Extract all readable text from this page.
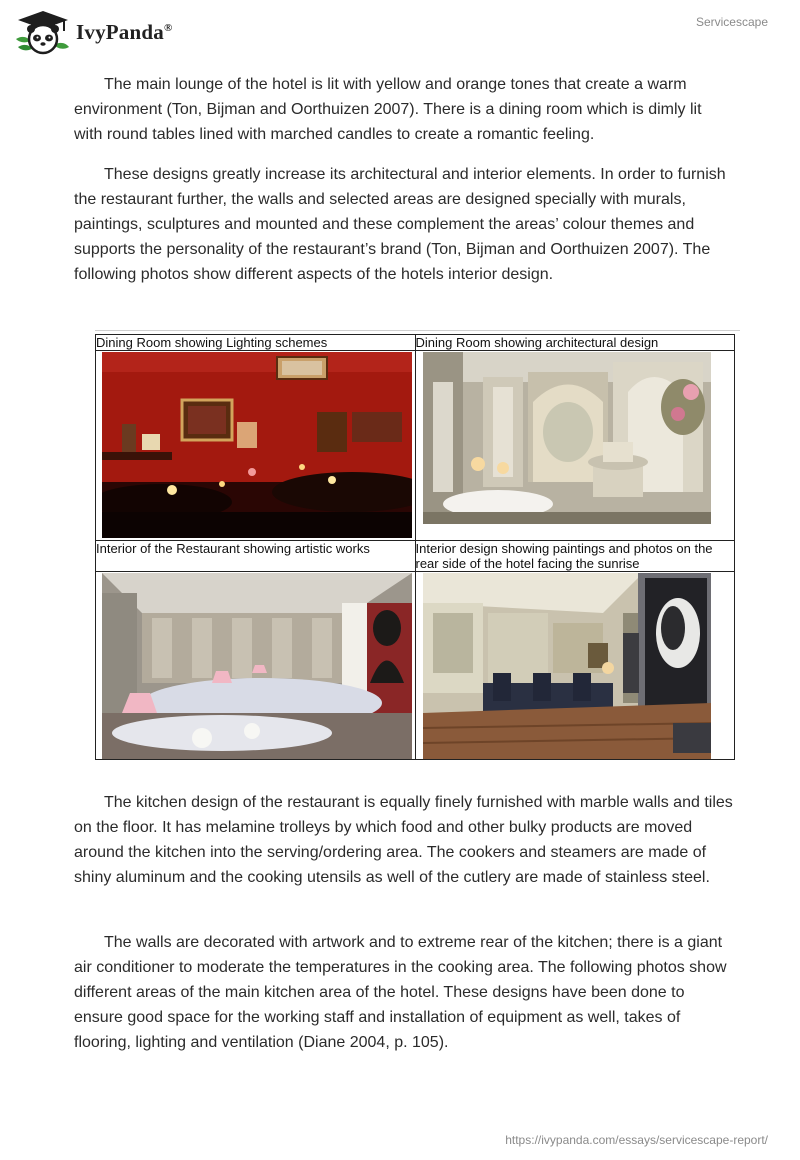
IvyPanda®	Servicescape

The main lounge of the hotel is lit with yellow and orange tones that create a warm environment (Ton, Bijman and Oorthuizen 2007). There is a dining room which is dimly lit with round tables lined with marched candles to create a romantic feeling.

These designs greatly increase its architectural and interior elements. In order to furnish the restaurant further, the walls and selected areas are designed specially with murals, paintings, sculptures and mounted and these complement the areas’ colour themes and supports the personality of the restaurant’s brand (Ton, Bijman and Oorthuizen 2007). The following photos show different aspects of the hotels interior design.

Dining Room showing Lighting schemes	Dining Room showing architectural design

Interior of the Restaurant showing artistic works	Interior design showing paintings and photos on the rear side of the hotel facing the sunrise

The kitchen design of the restaurant is equally finely furnished with marble walls and tiles on the floor. It has melamine trolleys by which food and other bulky products are moved around the kitchen into the serving/ordering area. The cookers and steamers are made of shiny aluminum and the cooking utensils as well of the cutlery are made of stainless steel.

The walls are decorated with artwork and to extreme rear of the kitchen; there is a giant air conditioner to moderate the temperatures in the cooking area. The following photos show different areas of the main kitchen area of the hotel. These designs have been done to ensure good space for the working staff and installation of equipment as well, takes of flooring, lighting and ventilation (Diane 2004, p. 105).

https://ivypanda.com/essays/servicescape-report/
